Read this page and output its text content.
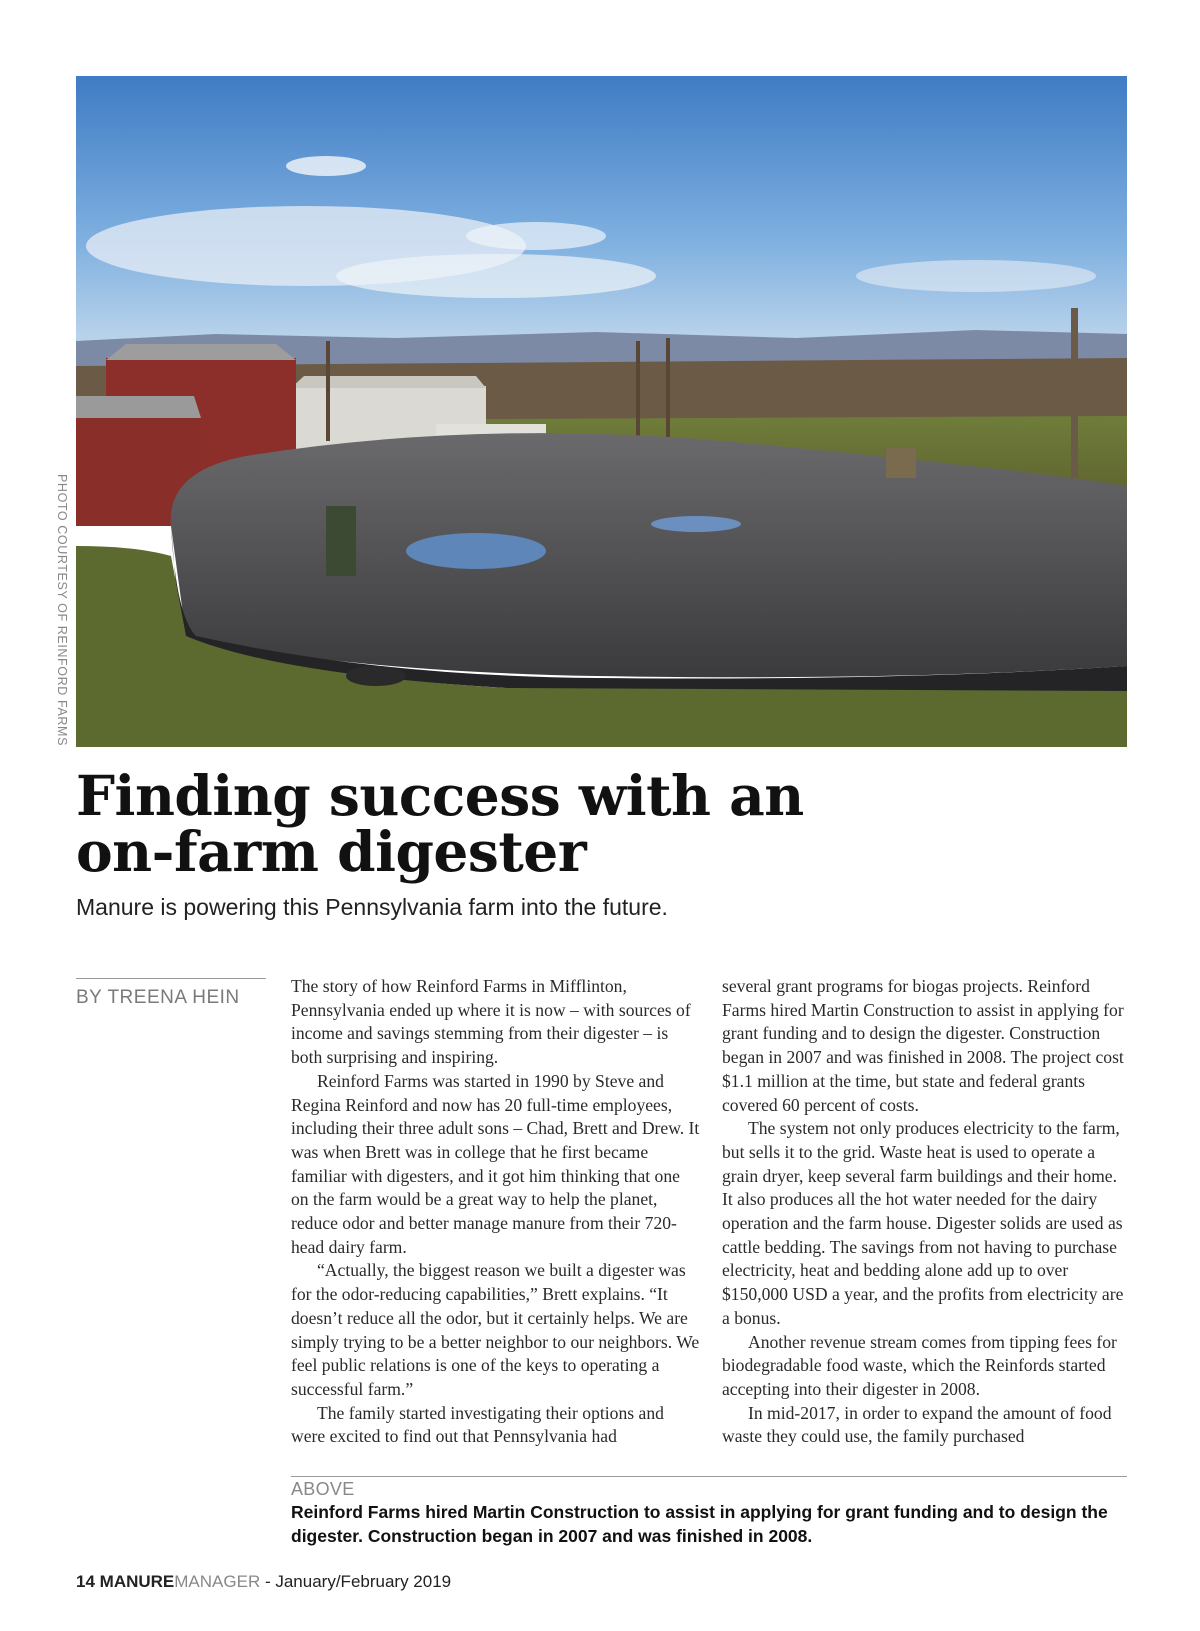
PHOTO COURTESY OF REINFORD FARMS
Finding success with an
on-farm digester
Manure is powering this Pennsylvania farm into the future.
BY TREENA HEIN

The story of how Reinford Farms in Mifflinton, Pennsylvania ended up where it is now – with sources of income and savings stemming from their digester – is both surprising and inspiring.

Reinford Farms was started in 1990 by Steve and Regina Reinford and now has 20 full-time employees, including their three adult sons – Chad, Brett and Drew. It was when Brett was in college that he first became familiar with digesters, and it got him thinking that one on the farm would be a great way to help the planet, reduce odor and better manage manure from their 720-head dairy farm.

“Actually, the biggest reason we built a digester was for the odor-reducing capabilities,” Brett explains. “It doesn’t reduce all the odor, but it certainly helps. We are simply trying to be a better neighbor to our neighbors. We feel public relations is one of the keys to operating a successful farm.”

The family started investigating their options and were excited to find out that Pennsylvania had

several grant programs for biogas projects. Reinford Farms hired Martin Construction to assist in applying for grant funding and to design the digester. Construction began in 2007 and was finished in 2008. The project cost $1.1 million at the time, but state and federal grants covered 60 percent of costs.

The system not only produces electricity to the farm, but sells it to the grid. Waste heat is used to operate a grain dryer, keep several farm buildings and their home. It also produces all the hot water needed for the dairy operation and the farm house. Digester solids are used as cattle bedding. The savings from not having to purchase electricity, heat and bedding alone add up to over $150,000 USD a year, and the profits from electricity are a bonus.

Another revenue stream comes from tipping fees for biodegradable food waste, which the Reinfords started accepting into their digester in 2008.

In mid-2017, in order to expand the amount of food waste they could use, the family purchased

ABOVE
Reinford Farms hired Martin Construction to assist in applying for grant funding and to design the digester. Construction began in 2007 and was finished in 2008.
14 MANUREMANAGER - January/February 2019
